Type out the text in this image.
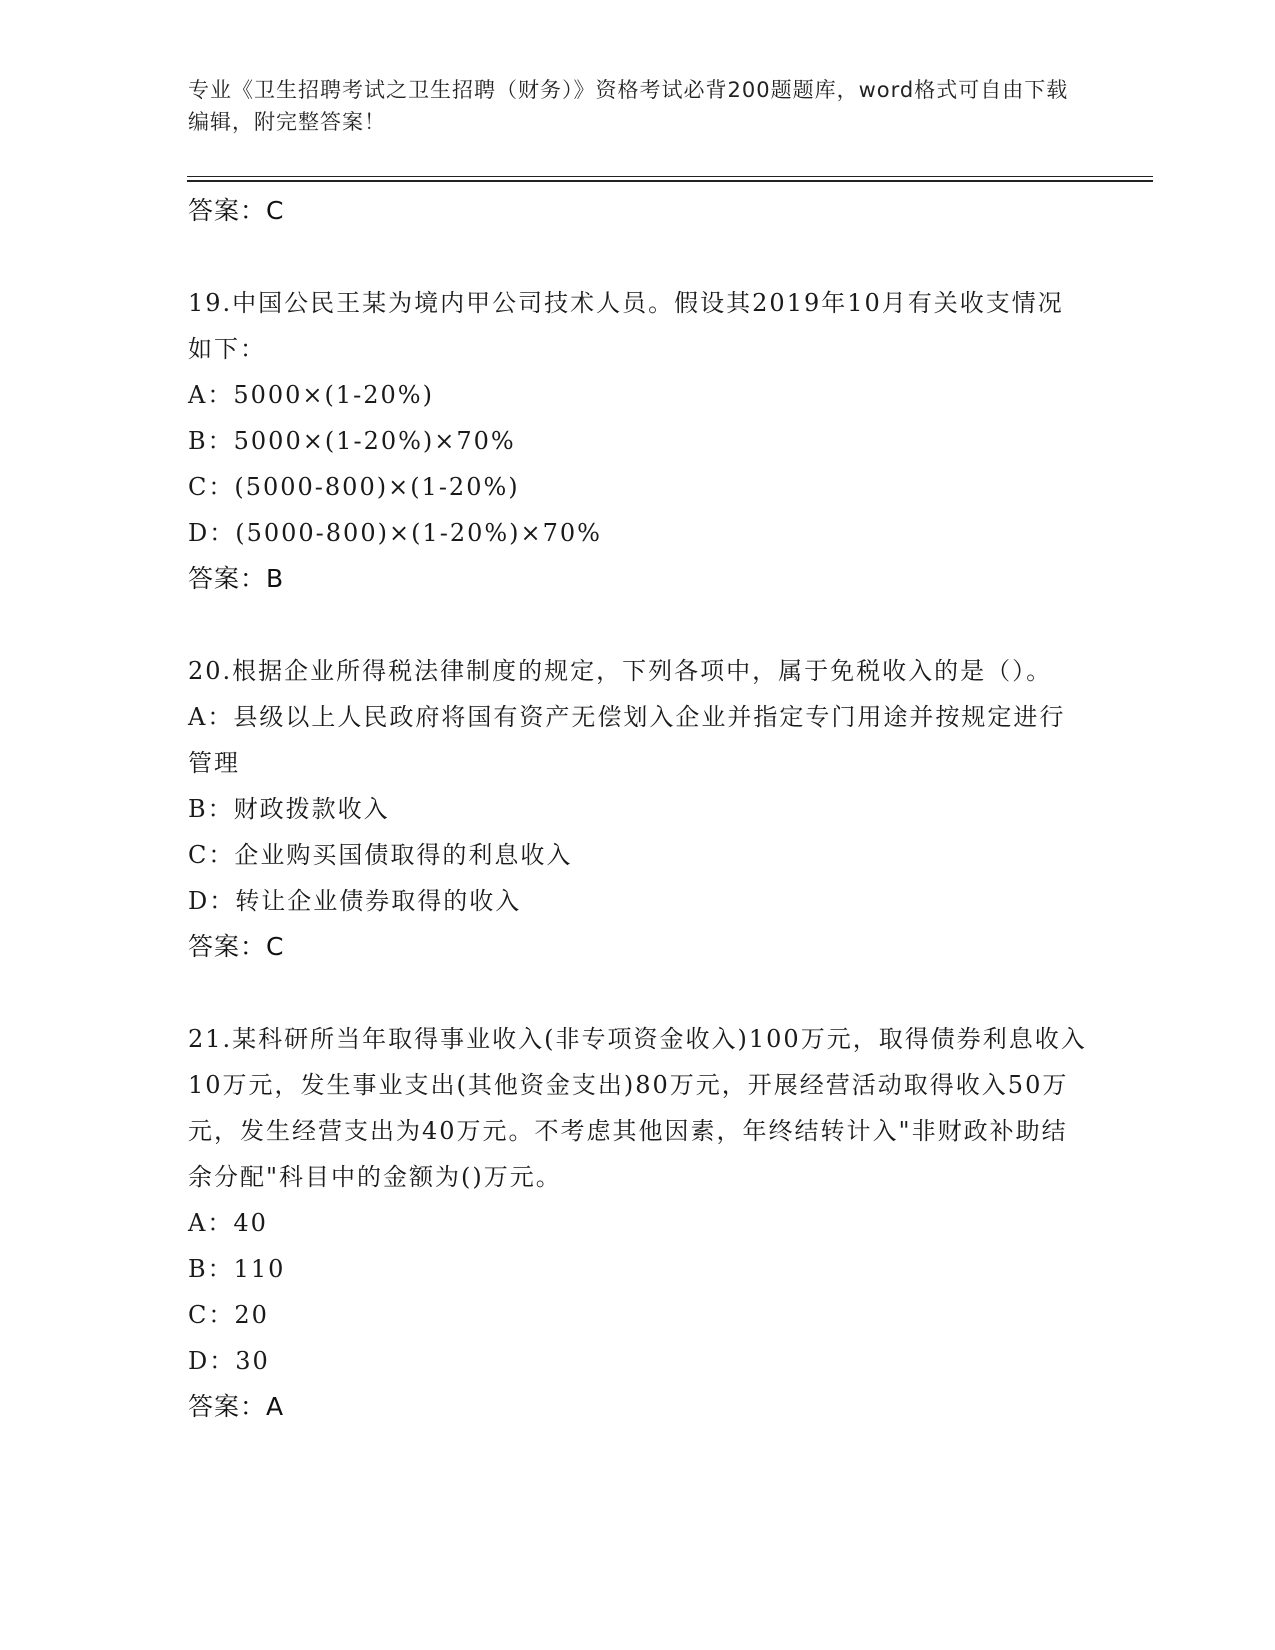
专业《卫生招聘考试之卫生招聘（财务）》资格考试必背200题题库，word格式可自由下载编辑，附完整答案！
答案：C
19.中国公民王某为境内甲公司技术人员。假设其2019年10月有关收支情况如下：
A：5000×(1-20%)
B：5000×(1-20%)×70%
C：(5000-800)×(1-20%)
D：(5000-800)×(1-20%)×70%
答案：B
20.根据企业所得税法律制度的规定，下列各项中，属于免税收入的是（）。
A：县级以上人民政府将国有资产无偿划入企业并指定专门用途并按规定进行管理
B：财政拨款收入
C：企业购买国债取得的利息收入
D：转让企业债券取得的收入
答案：C
21.某科研所当年取得事业收入(非专项资金收入)100万元，取得债券利息收入10万元，发生事业支出(其他资金支出)80万元，开展经营活动取得收入50万元，发生经营支出为40万元。不考虑其他因素，年终结转计入"非财政补助结余分配"科目中的金额为()万元。
A：40
B：110
C：20
D：30
答案：A
